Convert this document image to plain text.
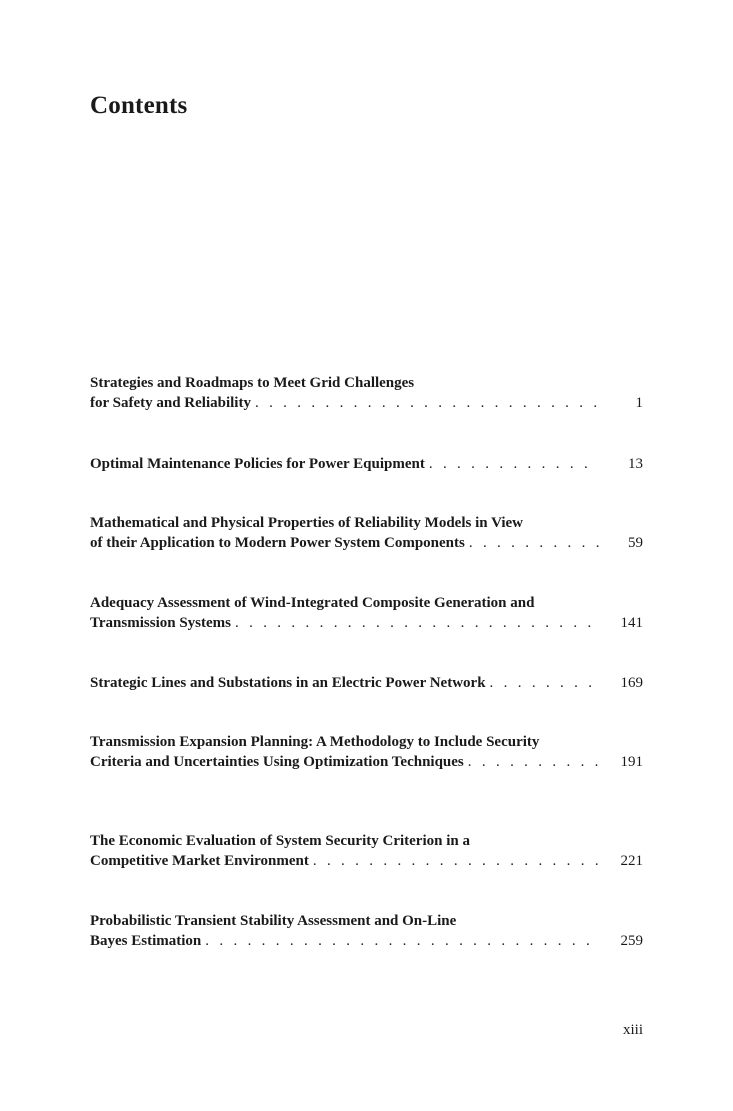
Contents
Strategies and Roadmaps to Meet Grid Challenges
for Safety and Reliability . . .	1
Optimal Maintenance Policies for Power Equipment . . .	13
Mathematical and Physical Properties of Reliability Models in View
of their Application to Modern Power System Components . . .	59
Adequacy Assessment of Wind-Integrated Composite Generation and
Transmission Systems . . .	141
Strategic Lines and Substations in an Electric Power Network . . .	169
Transmission Expansion Planning: A Methodology to Include Security
Criteria and Uncertainties Using Optimization Techniques . . .	191
The Economic Evaluation of System Security Criterion in a
Competitive Market Environment . . .	221
Probabilistic Transient Stability Assessment and On-Line
Bayes Estimation . . .	259
xiii
